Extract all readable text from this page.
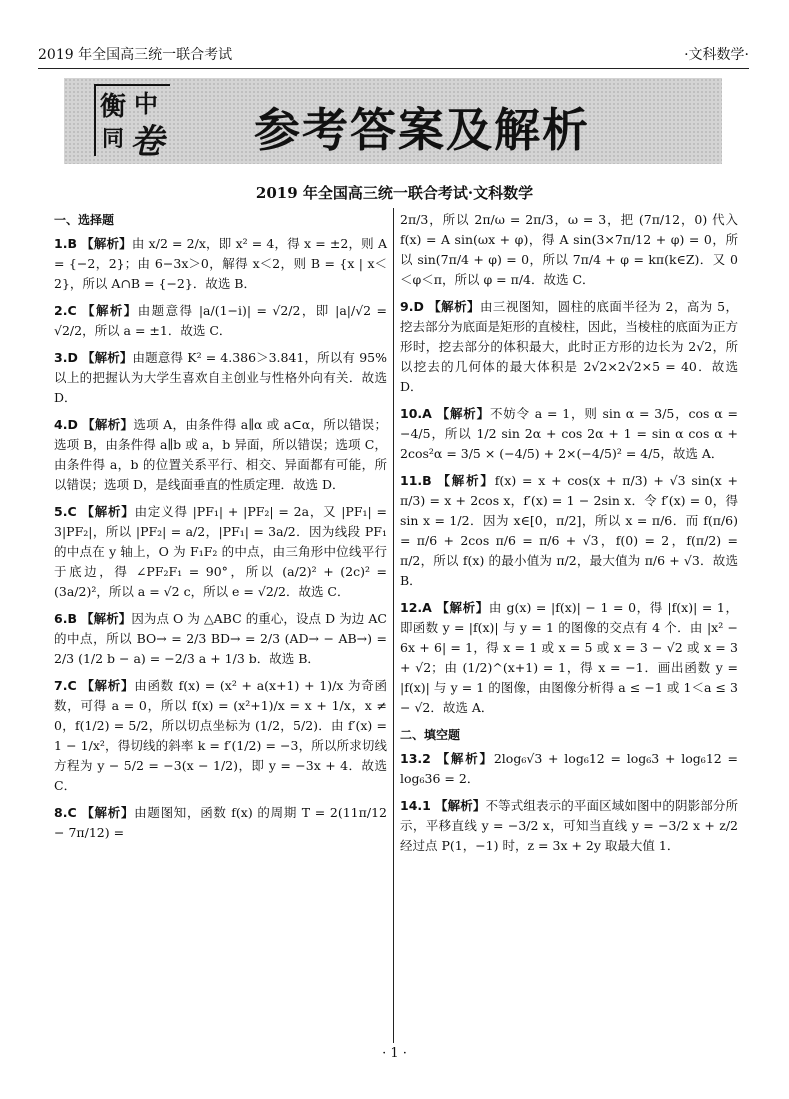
2019 年全国高三统一联合考试	·文科数学·
衡 中
同 卷 参考答案及解析
2019 年全国高三统一联合考试·文科数学
一、选择题
1.B 【解析】由 x/2 = 2/x，即 x² = 4，得 x = ±2，则 A = {−2，2}；由 6−3x＞0，解得 x＜2，则 B = {x | x＜2}，所以 A∩B = {−2}．故选 B．
2.C 【解析】由题意得 |a/(1−i)| = √2/2，即 |a|/√2 = √2/2，所以 a = ±1．故选 C．
3.D 【解析】由题意得 K² = 4.386＞3.841，所以有 95% 以上的把握认为大学生喜欢自主创业与性格外向有关．故选 D．
4.D 【解析】选项 A，由条件得 a∥α 或 a⊂α，所以错误；选项 B，由条件得 a∥b 或 a，b 异面，所以错误；选项 C，由条件得 a，b 的位置关系平行、相交、异面都有可能，所以错误；选项 D，是线面垂直的性质定理．故选 D．
5.C 【解析】由定义得 |PF₁| + |PF₂| = 2a，又 |PF₁| = 3|PF₂|，所以 |PF₂| = a/2，|PF₁| = 3a/2．因为线段 PF₁ 的中点在 y 轴上，O 为 F₁F₂ 的中点，由三角形中位线平行于底边，得 ∠PF₂F₁ = 90°，所以 (a/2)² + (2c)² = (3a/2)²，所以 a = √2 c，所以 e = √2/2．故选 C．
6.B 【解析】因为点 O 为 △ABC 的重心，设点 D 为边 AC 的中点，所以 BO→ = 2/3 BD→ = 2/3 (AD→ − AB→) = 2/3 (1/2 b − a) = −2/3 a + 1/3 b．故选 B．
7.C 【解析】由函数 f(x) = (x² + a(x+1) + 1)/x 为奇函数，可得 a = 0，所以 f(x) = (x²+1)/x = x + 1/x，x ≠ 0，f(1/2) = 5/2，所以切点坐标为 (1/2，5/2)．由 f′(x) = 1 − 1/x²，得切线的斜率 k = f′(1/2) = −3，所以所求切线方程为 y − 5/2 = −3(x − 1/2)，即 y = −3x + 4．故选 C．
8.C 【解析】由题图知，函数 f(x) 的周期 T = 2(11π/12 − 7π/12) =
2π/3，所以 2π/ω = 2π/3，ω = 3，把 (7π/12，0) 代入 f(x) = A sin(ωx + φ)，得 A sin(3×7π/12 + φ) = 0，所以 sin(7π/4 + φ) = 0，所以 7π/4 + φ = kπ(k∈Z)．又 0＜φ＜π，所以 φ = π/4．故选 C．
9.D 【解析】由三视图知，圆柱的底面半径为 2，高为 5，挖去部分为底面是矩形的直棱柱，因此，当棱柱的底面为正方形时，挖去部分的体积最大，此时正方形的边长为 2√2，所以挖去的几何体的最大体积是 2√2×2√2×5 = 40．故选 D．
10.A 【解析】不妨令 a = 1，则 sin α = 3/5，cos α = −4/5，所以 1/2 sin 2α + cos 2α + 1 = sin α cos α + 2cos²α = 3/5 × (−4/5) + 2×(−4/5)² = 4/5，故选 A．
11.B 【解析】f(x) = x + cos(x + π/3) + √3 sin(x + π/3) = x + 2cos x，f′(x) = 1 − 2sin x．令 f′(x) = 0，得 sin x = 1/2．因为 x∈[0，π/2]，所以 x = π/6．而 f(π/6) = π/6 + 2cos π/6 = π/6 + √3，f(0) = 2，f(π/2) = π/2，所以 f(x) 的最小值为 π/2，最大值为 π/6 + √3．故选 B．
12.A 【解析】由 g(x) = |f(x)| − 1 = 0，得 |f(x)| = 1，即函数 y = |f(x)| 与 y = 1 的图像的交点有 4 个．由 |x² − 6x + 6| = 1，得 x = 1 或 x = 5 或 x = 3 − √2 或 x = 3 + √2；由 (1/2)^(x+1) = 1，得 x = −1．画出函数 y = |f(x)| 与 y = 1 的图像，由图像分析得 a ≤ −1 或 1＜a ≤ 3 − √2．故选 A．
二、填空题
13.2 【解析】2log₆√3 + log₆12 = log₆3 + log₆12 = log₆36 = 2．
14.1 【解析】不等式组表示的平面区域如图中的阴影部分所示，平移直线 y = −3/2 x，可知当直线 y = −3/2 x + z/2 经过点 P(1，−1) 时，z = 3x + 2y 取最大值 1．
· 1 ·
